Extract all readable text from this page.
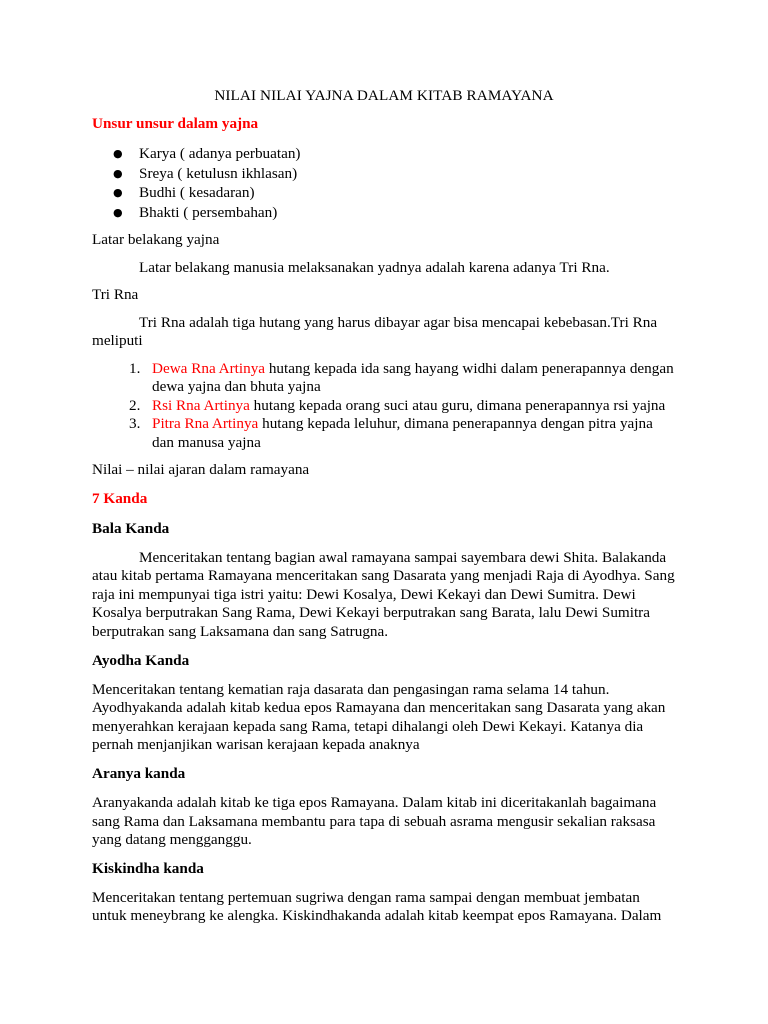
NILAI NILAI YAJNA DALAM KITAB RAMAYANA
Unsur unsur dalam yajna
● Karya ( adanya perbuatan)
● Sreya ( ketulusn ikhlasan)
● Budhi ( kesadaran)
● Bhakti ( persembahan)

Latar belakang yajna

Latar belakang manusia melaksanakan yadnya adalah karena adanya Tri Rna.

Tri Rna

Tri Rna adalah tiga hutang yang harus dibayar agar bisa mencapai kebebasan.Tri Rna meliputi

1. Dewa Rna Artinya hutang kepada ida sang hayang widhi dalam penerapannya dengan dewa yajna dan bhuta yajna
2. Rsi Rna Artinya hutang kepada orang suci atau guru, dimana penerapannya rsi yajna
3. Pitra Rna Artinya hutang kepada leluhur, dimana penerapannya dengan pitra yajna dan manusa yajna

Nilai – nilai ajaran dalam ramayana

7 Kanda
Bala Kanda

Menceritakan tentang bagian awal ramayana sampai sayembara dewi Shita. Balakanda atau kitab pertama Ramayana menceritakan sang Dasarata yang menjadi Raja di Ayodhya. Sang raja ini mempunyai tiga istri yaitu: Dewi Kosalya, Dewi Kekayi dan Dewi Sumitra. Dewi Kosalya berputrakan Sang Rama, Dewi Kekayi berputrakan sang Barata, lalu Dewi Sumitra berputrakan sang Laksamana dan sang Satrugna.

Ayodha Kanda

Menceritakan tentang kematian raja dasarata dan pengasingan rama selama 14 tahun. Ayodhyakanda adalah kitab kedua epos Ramayana dan menceritakan sang Dasarata yang akan menyerahkan kerajaan kepada sang Rama, tetapi dihalangi oleh Dewi Kekayi. Katanya dia pernah menjanjikan warisan kerajaan kepada anaknya

Aranya kanda

Aranyakanda adalah kitab ke tiga epos Ramayana. Dalam kitab ini diceritakanlah bagaimana sang Rama dan Laksamana membantu para tapa di sebuah asrama mengusir sekalian raksasa yang datang mengganggu.

Kiskindha kanda

Menceritakan tentang pertemuan sugriwa dengan rama sampai dengan membuat jembatan untuk meneybrang ke alengka. Kiskindhakanda adalah kitab keempat epos Ramayana. Dalam
